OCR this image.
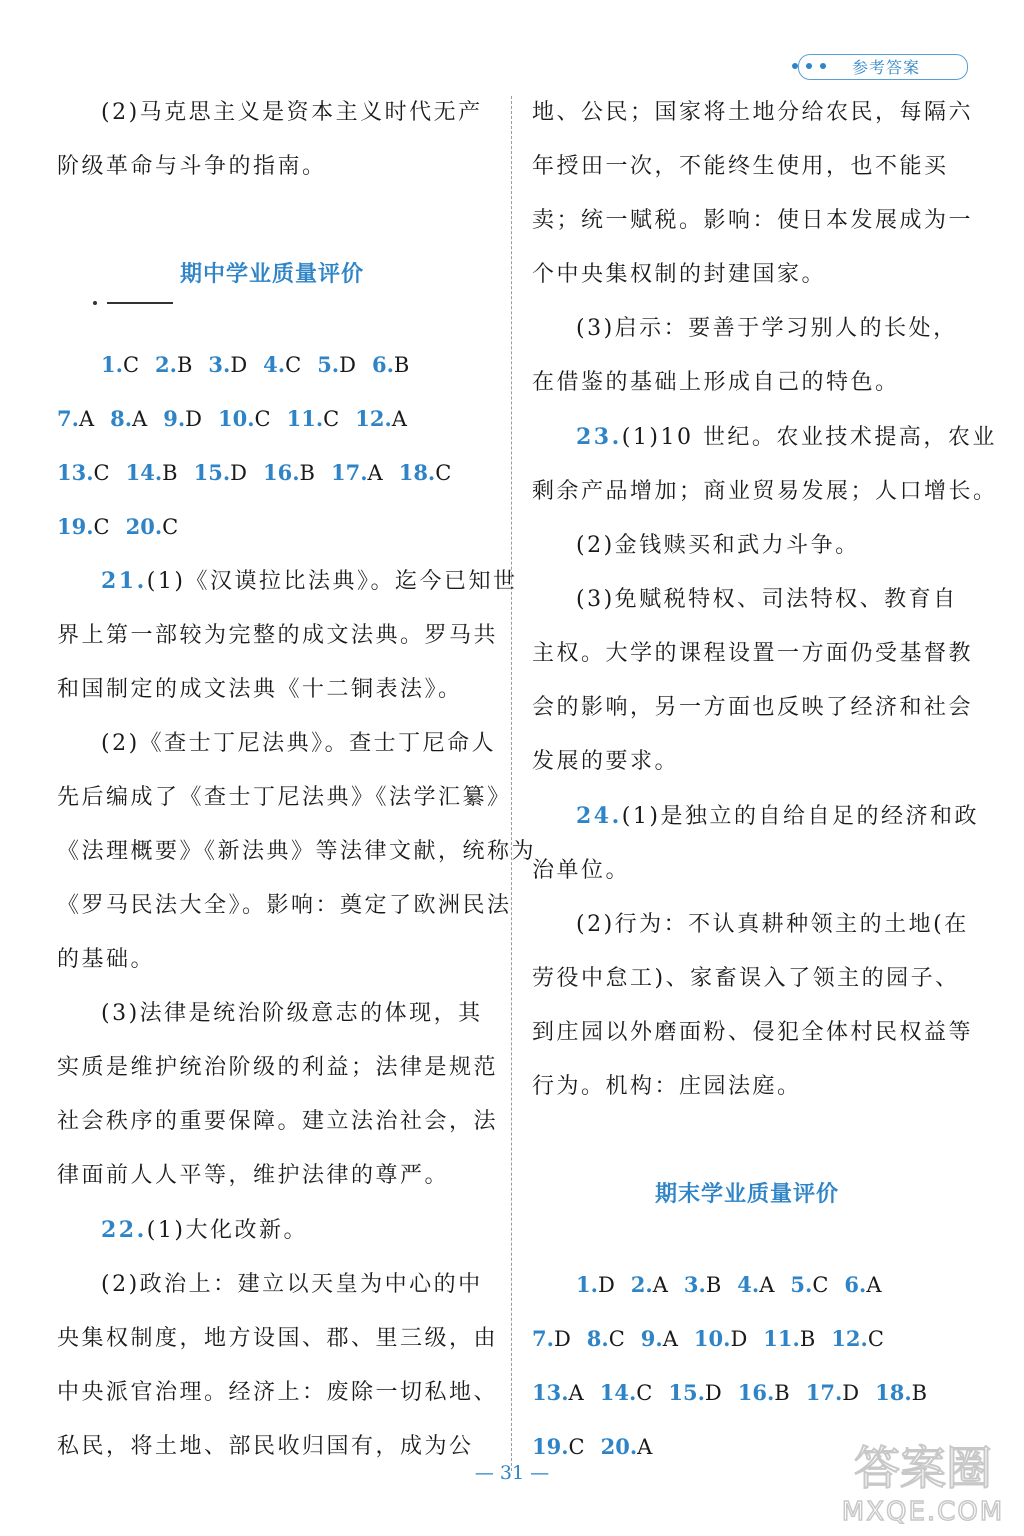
参考答案

(2)马克思主义是资本主义时代无产

阶级革命与斗争的指南。

期中学业质量评价

1.C 2.B 3.D 4.C 5.D 6.B

7.A 8.A 9.D 10.C 11.C 12.A

13.C 14.B 15.D 16.B 17.A 18.C

19.C 20.C

21.(1)《汉谟拉比法典》。迄今已知世

界上第一部较为完整的成文法典。罗马共

和国制定的成文法典《十二铜表法》。

(2)《查士丁尼法典》。查士丁尼命人

先后编成了《查士丁尼法典》《法学汇纂》

《法理概要》《新法典》等法律文献，统称为

《罗马民法大全》。影响：奠定了欧洲民法

的基础。

(3)法律是统治阶级意志的体现，其

实质是维护统治阶级的利益；法律是规范

社会秩序的重要保障。建立法治社会，法

律面前人人平等，维护法律的尊严。

22.(1)大化改新。

(2)政治上：建立以天皇为中心的中

央集权制度，地方设国、郡、里三级，由

中央派官治理。经济上：废除一切私地、

私民，将土地、部民收归国有，成为公

地、公民；国家将土地分给农民，每隔六

年授田一次，不能终生使用，也不能买

卖；统一赋税。影响：使日本发展成为一

个中央集权制的封建国家。

(3)启示：要善于学习别人的长处，

在借鉴的基础上形成自己的特色。

23.(1)10 世纪。农业技术提高，农业

剩余产品增加；商业贸易发展；人口增长。

(2)金钱赎买和武力斗争。

(3)免赋税特权、司法特权、教育自

主权。大学的课程设置一方面仍受基督教

会的影响，另一方面也反映了经济和社会

发展的要求。

24.(1)是独立的自给自足的经济和政

治单位。

(2)行为：不认真耕种领主的土地(在

劳役中怠工)、家畜误入了领主的园子、

到庄园以外磨面粉、侵犯全体村民权益等

行为。机构：庄园法庭。

期末学业质量评价

1.D 2.A 3.B 4.A 5.C 6.A

7.D 8.C 9.A 10.D 11.B 12.C

13.A 14.C 15.D 16.B 17.D 18.B

19.C 20.A

— 31 —	答案圈
MXQE.COM
